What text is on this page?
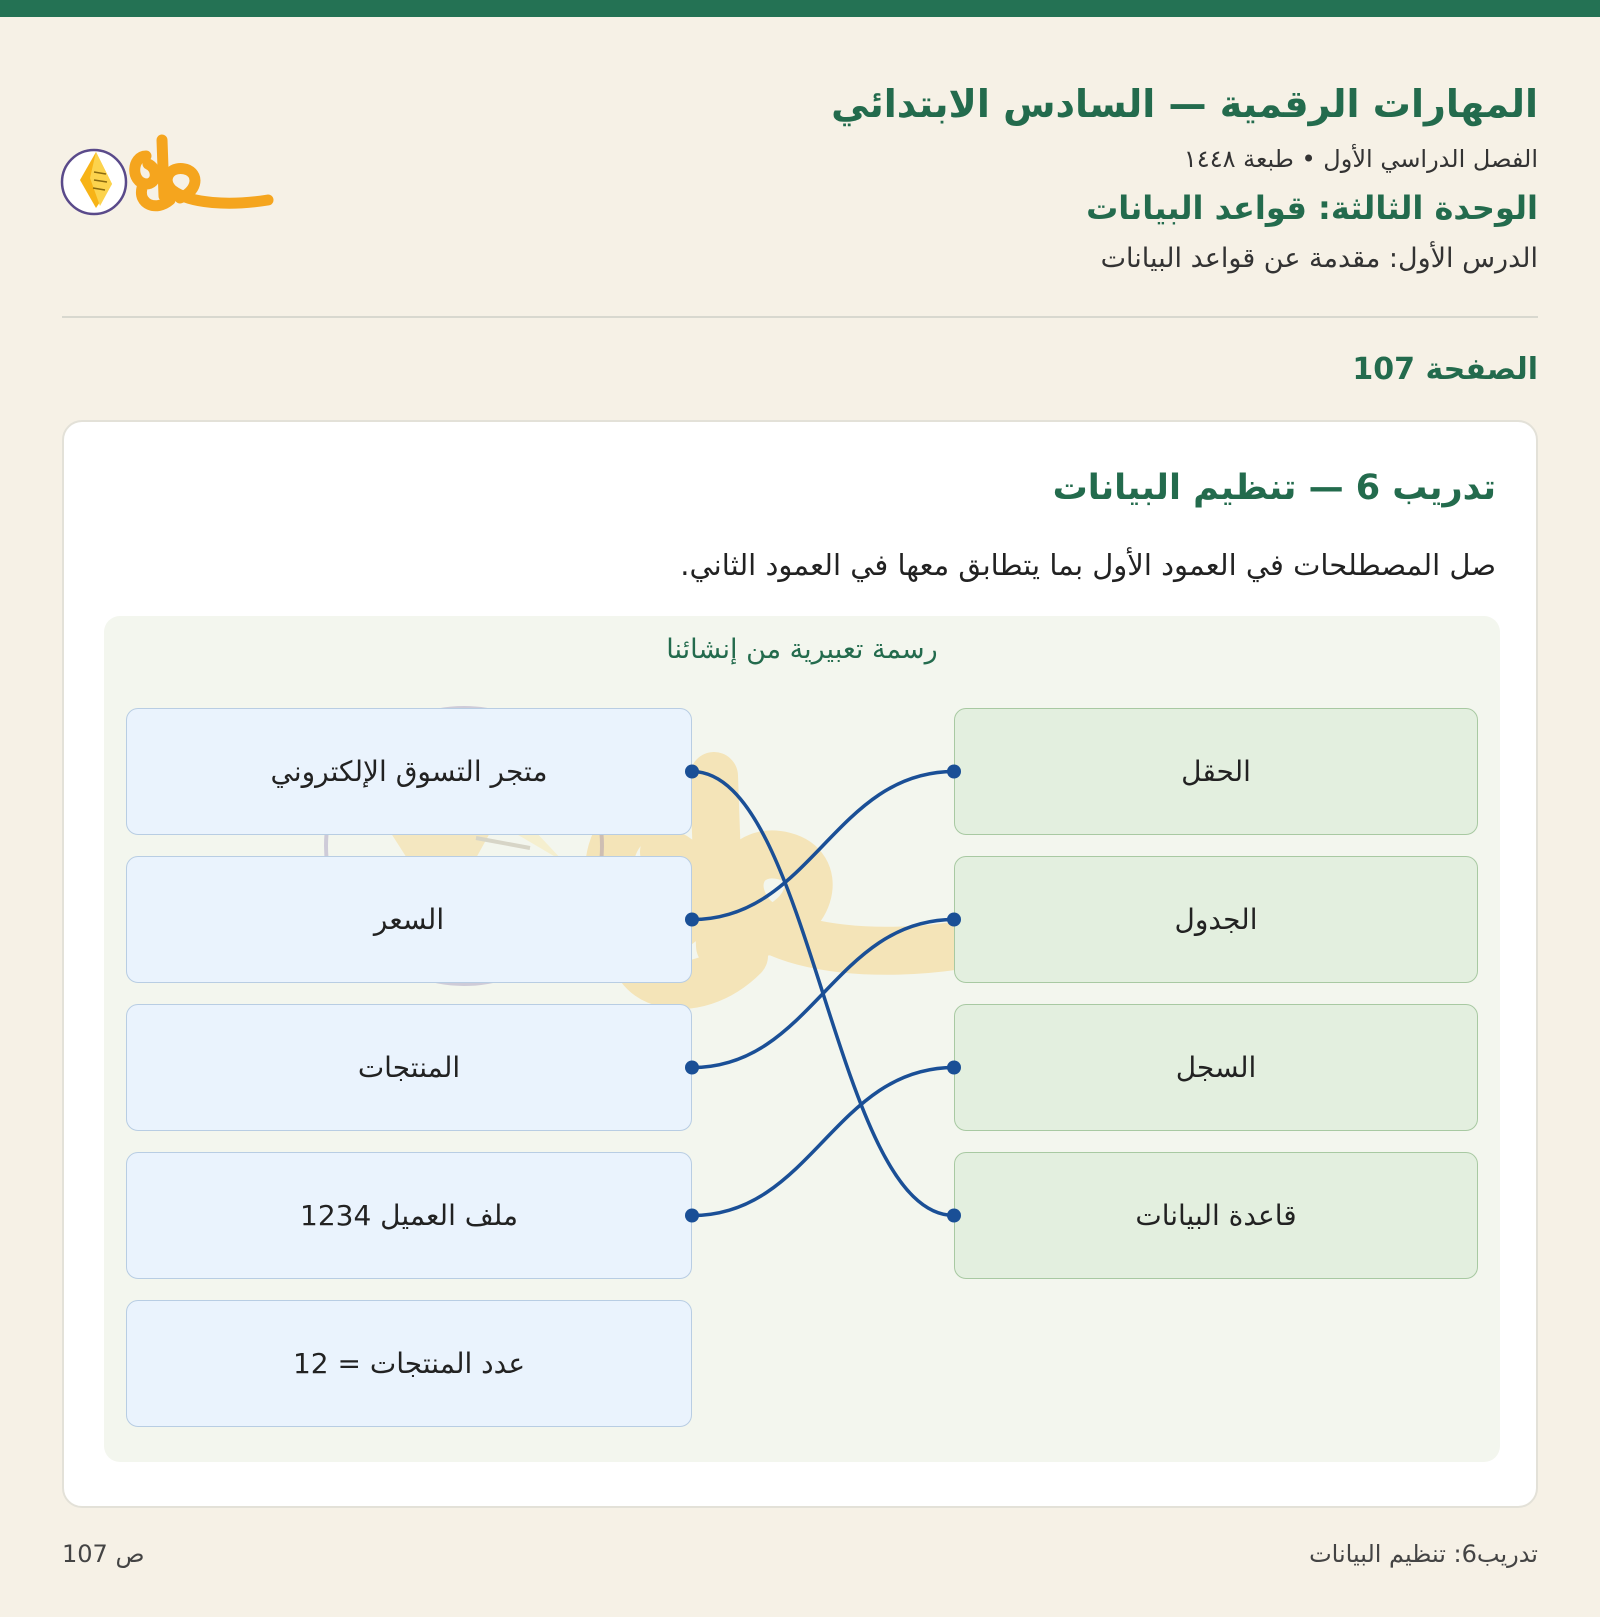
المهارات الرقمية — السادس الابتدائي
الفصل الدراسي الأول • طبعة ١٤٤٨
الوحدة الثالثة: قواعد البيانات
الدرس الأول: مقدمة عن قواعد البيانات
حلول
الصفحة 107
تدريب 6 — تنظيم البيانات
صل المصطلحات في العمود الأول بما يتطابق معها في العمود الثاني.
رسمة تعبيرية من إنشائنا
متجر التسوق الإلكتروني
السعر
المنتجات
ملف العميل 1234
عدد المنتجات = 12
الحقل
الجدول
السجل
قاعدة البيانات
ص 107	تدريب6: تنظيم البيانات
